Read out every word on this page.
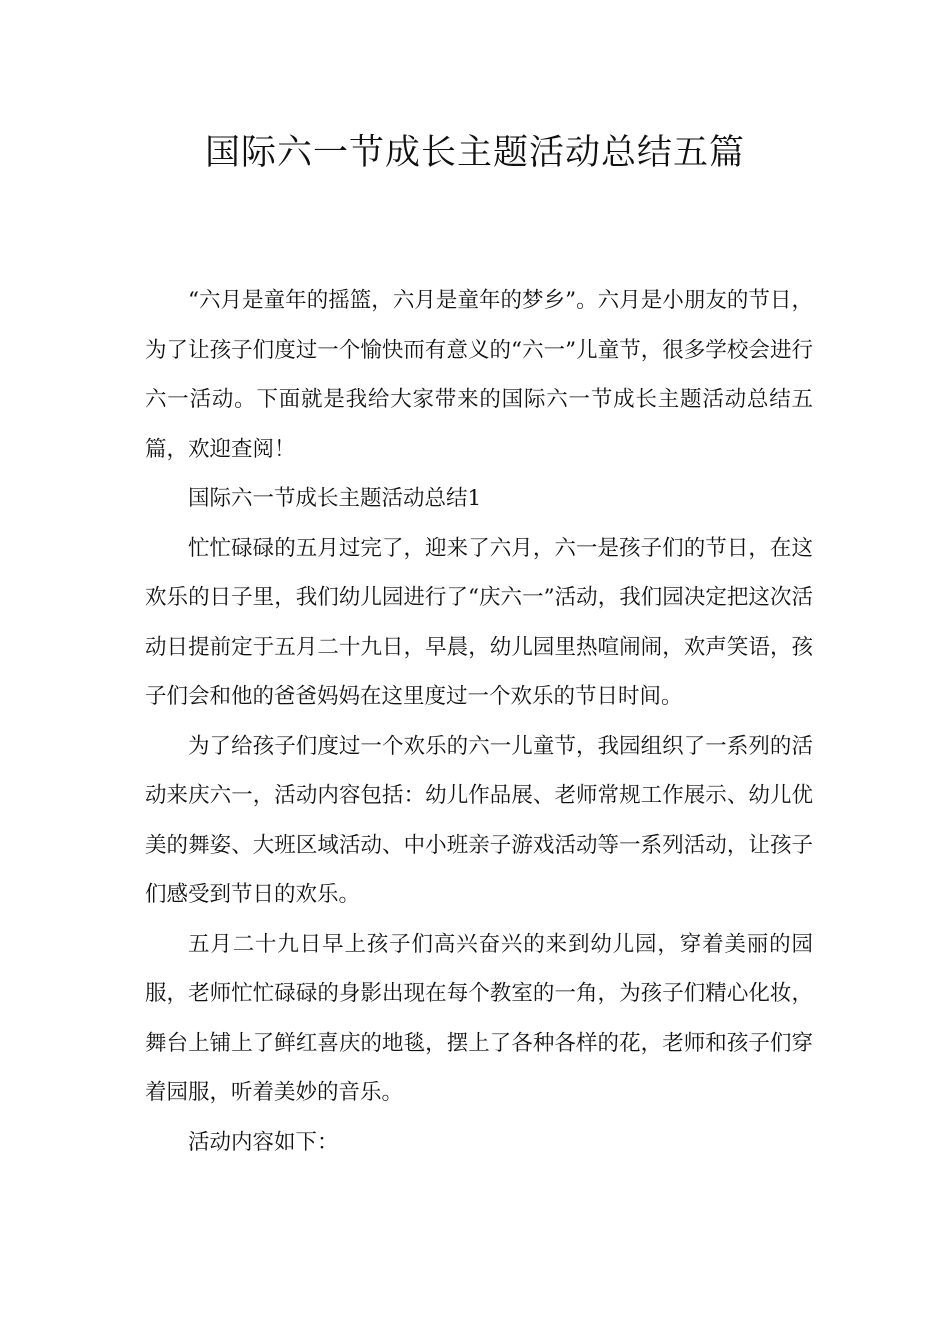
国际六一节成长主题活动总结五篇

“六月是童年的摇篮，六月是童年的梦乡”。六月是小朋友的节日，为了让孩子们度过一个愉快而有意义的“六一”儿童节，很多学校会进行六一活动。下面就是我给大家带来的国际六一节成长主题活动总结五篇，欢迎查阅！

国际六一节成长主题活动总结1

忙忙碌碌的五月过完了，迎来了六月，六一是孩子们的节日，在这欢乐的日子里，我们幼儿园进行了“庆六一”活动，我们园决定把这次活动日提前定于五月二十九日，早晨，幼儿园里热喧闹闹，欢声笑语，孩子们会和他的爸爸妈妈在这里度过一个欢乐的节日时间。

为了给孩子们度过一个欢乐的六一儿童节，我园组织了一系列的活动来庆六一，活动内容包括：幼儿作品展、老师常规工作展示、幼儿优美的舞姿、大班区域活动、中小班亲子游戏活动等一系列活动，让孩子们感受到节日的欢乐。

五月二十九日早上孩子们高兴奋兴的来到幼儿园，穿着美丽的园服，老师忙忙碌碌的身影出现在每个教室的一角，为孩子们精心化妆，舞台上铺上了鲜红喜庆的地毯，摆上了各种各样的花，老师和孩子们穿着园服，听着美妙的音乐。

活动内容如下：
